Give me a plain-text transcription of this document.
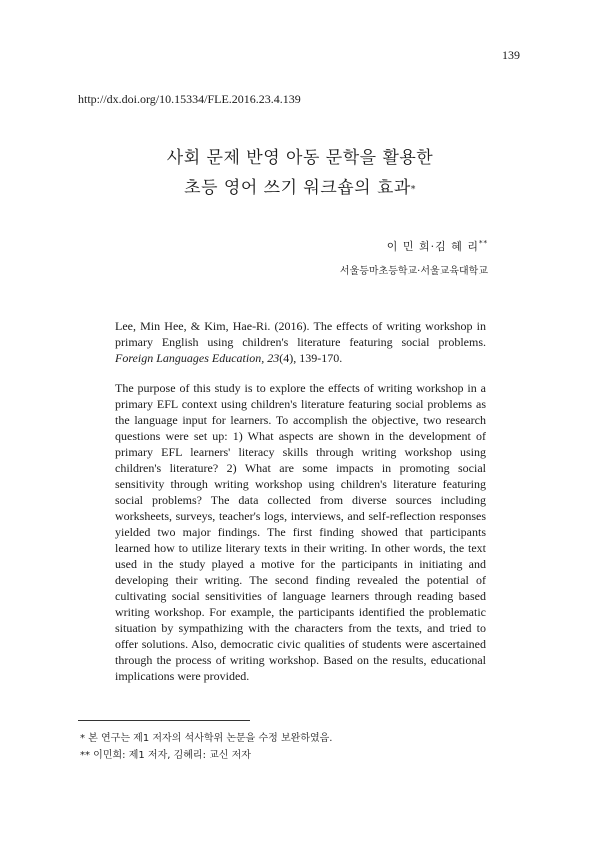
139
http://dx.doi.org/10.15334/FLE.2016.23.4.139
사회 문제 반영 아동 문학을 활용한
초등 영어 쓰기 워크숍의 효과*
이 민 희·김 혜 리**
서울등마초등학교·서울교육대학교
Lee, Min Hee, & Kim, Hae-Ri. (2016). The effects of writing workshop in primary English using children's literature featuring social problems. Foreign Languages Education, 23(4), 139-170.

The purpose of this study is to explore the effects of writing workshop in a primary EFL context using children's literature featuring social problems as the language input for learners. To accomplish the objective, two research questions were set up: 1) What aspects are shown in the development of primary EFL learners' literacy skills through writing workshop using children's literature? 2) What are some impacts in promoting social sensitivity through writing workshop using children's literature featuring social problems? The data collected from diverse sources including worksheets, surveys, teacher's logs, interviews, and self-reflection responses yielded two major findings. The first finding showed that participants learned how to utilize literary texts in their writing. In other words, the text used in the study played a motive for the participants in initiating and developing their writing. The second finding revealed the potential of cultivating social sensitivities of language learners through reading based writing workshop. For example, the participants identified the problematic situation by sympathizing with the characters from the texts, and tried to offer solutions. Also, democratic civic qualities of students were ascertained through the process of writing workshop. Based on the results, educational implications were provided.

* 본 연구는 제1 저자의 석사학위 논문을 수정 보완하였음.
** 이민희: 제1 저자, 김혜리: 교신 저자
